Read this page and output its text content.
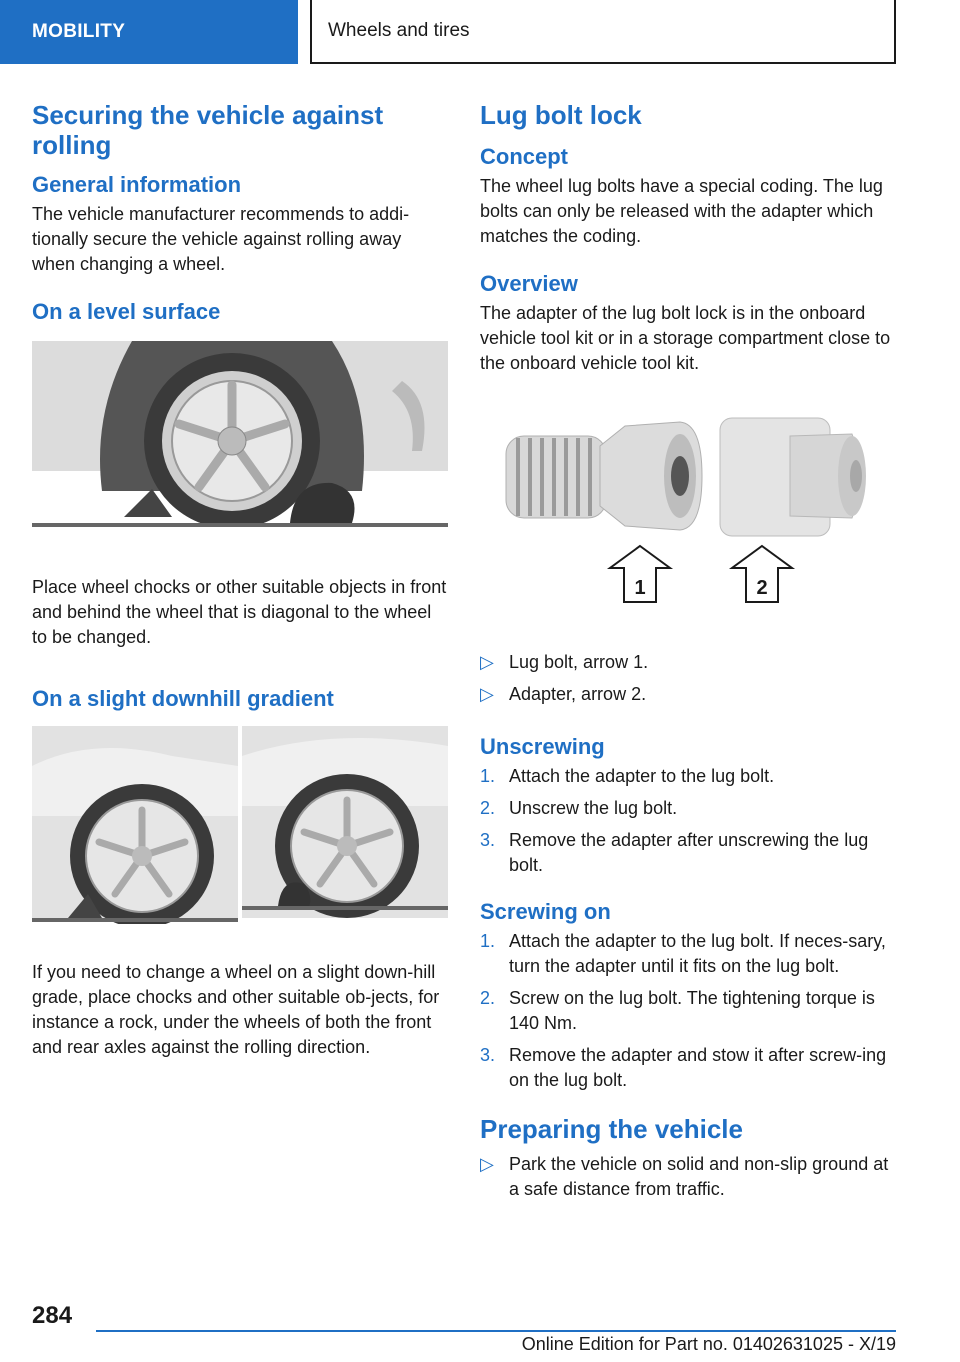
MOBILITY	Wheels and tires
Securing the vehicle against rolling
General information

The vehicle manufacturer recommends to addi‐tionally secure the vehicle against rolling away when changing a wheel.

On a level surface

Place wheel chocks or other suitable objects in front and behind the wheel that is diagonal to the wheel to be changed.

On a slight downhill gradient

If you need to change a wheel on a slight down‐hill grade, place chocks and other suitable ob‐jects, for instance a rock, under the wheels of both the front and rear axles against the rolling direction.

Lug bolt lock
Concept

The wheel lug bolts have a special coding. The lug bolts can only be released with the adapter which matches the coding.

Overview

The adapter of the lug bolt lock is in the onboard vehicle tool kit or in a storage compartment close to the onboard vehicle tool kit.

1	2
▷ Lug bolt, arrow 1.
▷ Adapter, arrow 2.
Unscrewing
1. Attach the adapter to the lug bolt.
2. Unscrew the lug bolt.
3. Remove the adapter after unscrewing the lug bolt.
Screwing on
1. Attach the adapter to the lug bolt. If neces‐sary, turn the adapter until it fits on the lug bolt.
2. Screw on the lug bolt. The tightening torque is 140 Nm.
3. Remove the adapter and stow it after screw‐ing on the lug bolt.
Preparing the vehicle
▷ Park the vehicle on solid and non-slip ground at a safe distance from traffic.
284
Online Edition for Part no. 01402631025 - X/19
